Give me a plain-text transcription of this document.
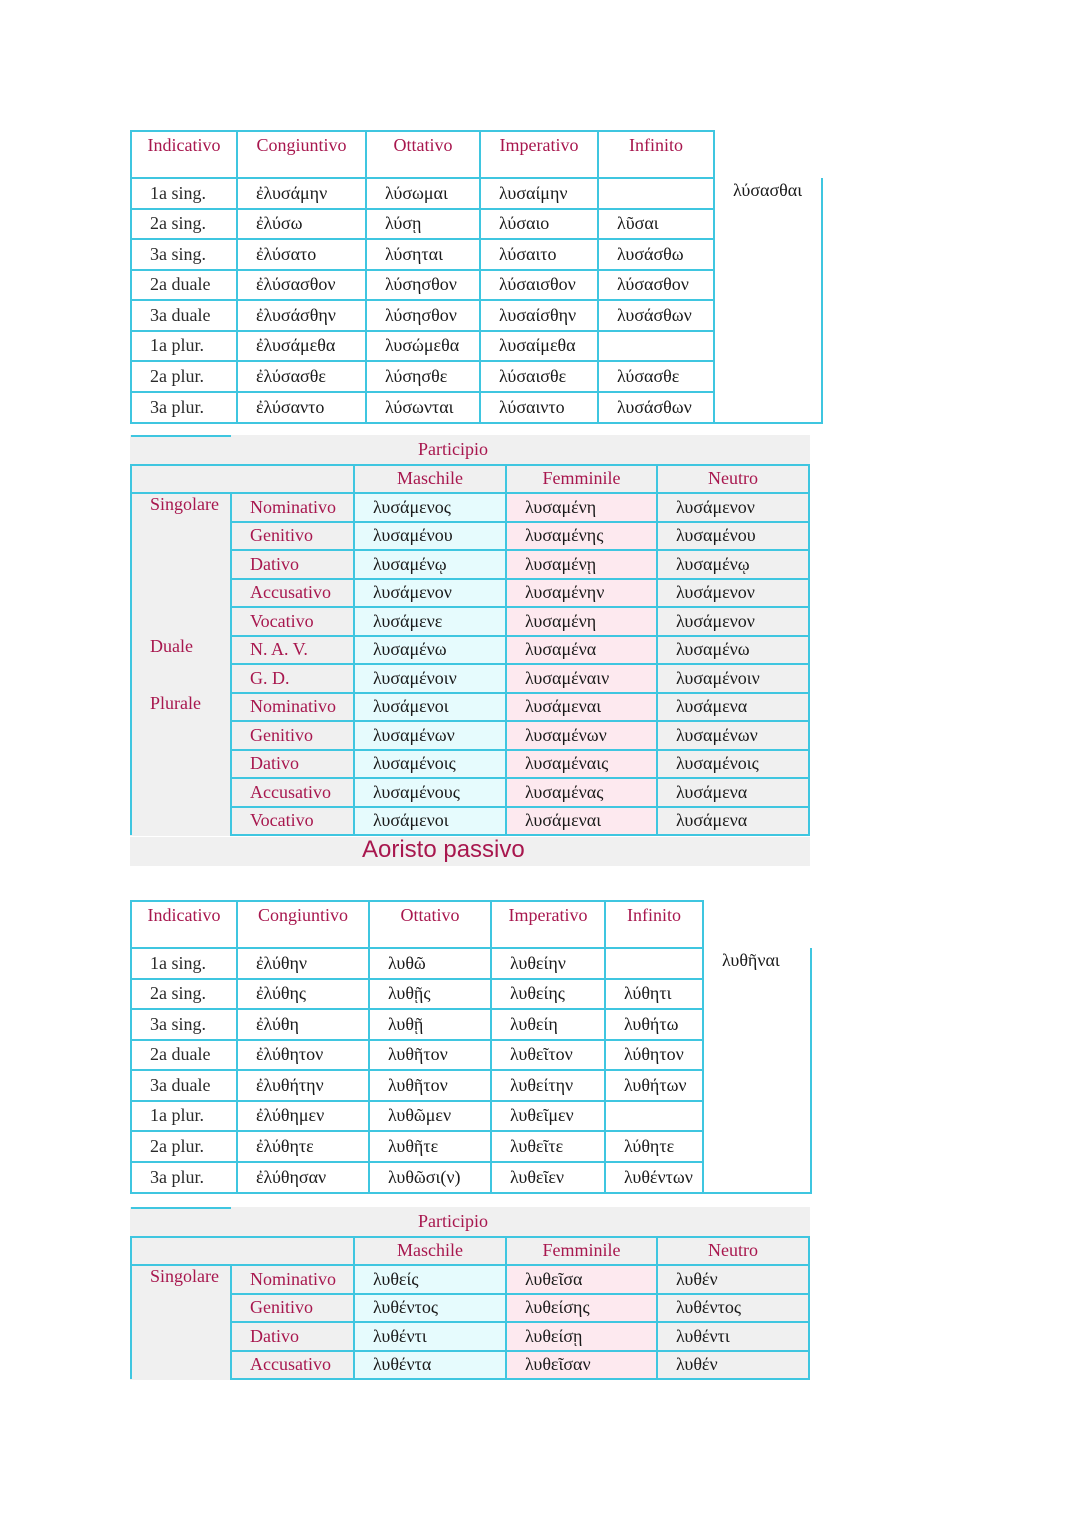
Indicativo	Congiuntivo	Ottativo	Imperativo	Infinito	
1a sing.	ἐλυσάμην	λύσωμαι	λυσαίμην		λύσασθαι
2a sing.	ἐλύσω	λύσῃ	λύσαιο	λῦσαι	
3a sing.	ἐλύσατο	λύσηται	λύσαιτο	λυσάσθω	
2a duale	ἐλύσασθον	λύσησθον	λύσαισθον	λύσασθον	
3a duale	ἐλυσάσθην	λύσησθον	λυσαίσθην	λυσάσθων	
1a plur.	ἐλυσάμεθα	λυσώμεθα	λυσαίμεθα		
2a plur.	ἐλύσασθε	λύσησθε	λύσαισθε	λύσασθε	
3a plur.	ἐλύσαντο	λύσωνται	λύσαιντο	λυσάσθων	
	Participio			
		Maschile	Femminile	Neutro
Singolare	Nominativo	λυσάμενος	λυσαμένη	λυσάμενον
	Genitivo	λυσαμένου	λυσαμένης	λυσαμένου
	Dativo	λυσαμένῳ	λυσαμένῃ	λυσαμένῳ
	Accusativo	λυσάμενον	λυσαμένην	λυσάμενον
	Vocativo	λυσάμενε	λυσαμένη	λυσάμενον
Duale	N. A. V.	λυσαμένω	λυσαμένα	λυσαμένω
	G. D.	λυσαμένοιν	λυσαμέναιν	λυσαμένοιν
Plurale	Nominativo	λυσάμενοι	λυσάμεναι	λυσάμενα
	Genitivo	λυσαμένων	λυσαμένων	λυσαμένων
	Dativo	λυσαμένοις	λυσαμέναις	λυσαμένοις
	Accusativo	λυσαμένους	λυσαμένας	λυσάμενα
	Vocativo	λυσάμενοι	λυσάμεναι	λυσάμενα
Aoristo passivo
Indicativo	Congiuntivo	Ottativo	Imperativo	Infinito	
1a sing.	ἐλύθην	λυθῶ	λυθείην		λυθῆναι
2a sing.	ἐλύθης	λυθῇς	λυθείης	λύθητι	
3a sing.	ἐλύθη	λυθῇ	λυθείη	λυθήτω	
2a duale	ἐλύθητον	λυθῆτον	λυθεῖτον	λύθητον	
3a duale	ἐλυθήτην	λυθῆτον	λυθείτην	λυθήτων	
1a plur.	ἐλύθημεν	λυθῶμεν	λυθεῖμεν		
2a plur.	ἐλύθητε	λυθῆτε	λυθεῖτε	λύθητε	
3a plur.	ἐλύθησαν	λυθῶσι(ν)	λυθεῖεν	λυθέντων	
	Participio			
		Maschile	Femminile	Neutro
Singolare	Nominativo	λυθείς	λυθεῖσα	λυθέν
	Genitivo	λυθέντος	λυθείσης	λυθέντος
	Dativo	λυθέντι	λυθείσῃ	λυθέντι
	Accusativo	λυθέντα	λυθεῖσαν	λυθέν
